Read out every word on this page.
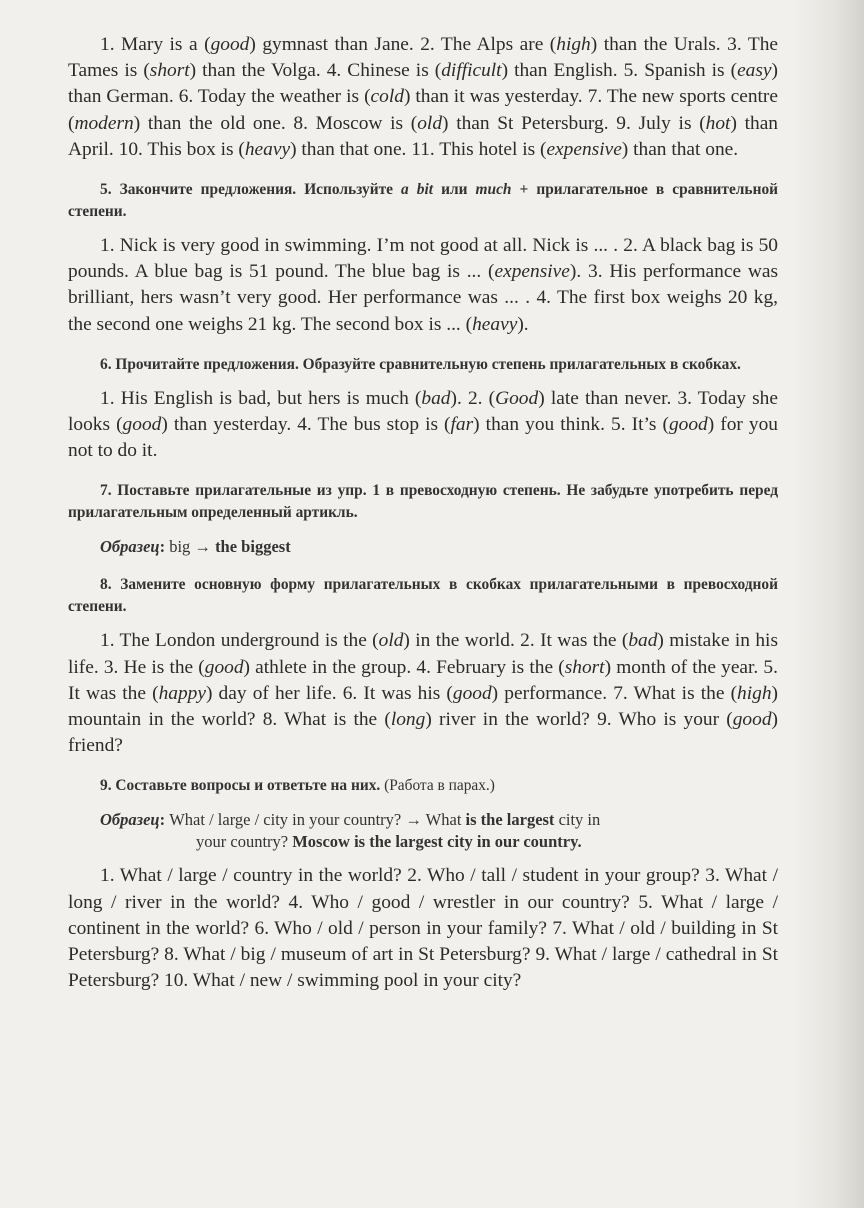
1. Mary is a (good) gymnast than Jane. 2. The Alps are (high) than the Urals. 3. The Tames is (short) than the Volga. 4. Chinese is (difficult) than English. 5. Spanish is (easy) than German. 6. Today the weather is (cold) than it was yesterday. 7. The new sports centre (modern) than the old one. 8. Moscow is (old) than St Petersburg. 9. July is (hot) than April. 10. This box is (heavy) than that one. 11. This hotel is (expensive) than that one.

5. Закончите предложения. Используйте a bit или much + прилагательное в сравнительной степени.

1. Nick is very good in swimming. I’m not good at all. Nick is ... . 2. A black bag is 50 pounds. A blue bag is 51 pound. The blue bag is ... (expensive). 3. His performance was brilliant, hers wasn’t very good. Her performance was ... . 4. The first box weighs 20 kg, the second one weighs 21 kg. The second box is ... (heavy).

6. Прочитайте предложения. Образуйте сравнительную степень прилагательных в скобках.

1. His English is bad, but hers is much (bad). 2. (Good) late than never. 3. Today she looks (good) than yesterday. 4. The bus stop is (far) than you think. 5. It’s (good) for you not to do it.

7. Поставьте прилагательные из упр. 1 в превосходную степень. Не забудьте употребить перед прилагательным определенный артикль.

Образец: big → the biggest

8. Замените основную форму прилагательных в скобках прилагательными в превосходной степени.

1. The London underground is the (old) in the world. 2. It was the (bad) mistake in his life. 3. He is the (good) athlete in the group. 4. February is the (short) month of the year. 5. It was the (happy) day of her life. 6. It was his (good) performance. 7. What is the (high) mountain in the world? 8. What is the (long) river in the world? 9. Who is your (good) friend?

9. Составьте вопросы и ответьте на них. (Работа в парах.)

Образец: What / large / city in your country? → What is the largest city in
your country? Moscow is the largest city in our country.

1. What / large / country in the world? 2. Who / tall / student in your group? 3. What / long / river in the world? 4. Who / good / wrestler in our country? 5. What / large / continent in the world? 6. Who / old / person in your family? 7. What / old / building in St Petersburg? 8. What / big / museum of art in St Petersburg? 9. What / large / cathedral in St Petersburg? 10. What / new / swimming pool in your city?
